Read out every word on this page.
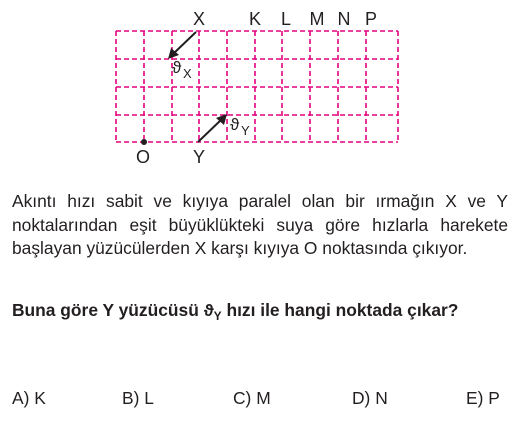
X K L M N P
O Y
ϑ X
ϑ Y

Akıntı hızı sabit ve kıyıya paralel olan bir ırmağın X ve Y noktalarından eşit büyüklükteki suya göre hızlarla harekete başlayan yüzücülerden X karşı kıyıya O noktasında çıkıyor.

Buna göre Y yüzücüsü $ϑ_Y$ hızı ile hangi noktada çıkar?

A) K	B) L	C) M	D) N	E) P
